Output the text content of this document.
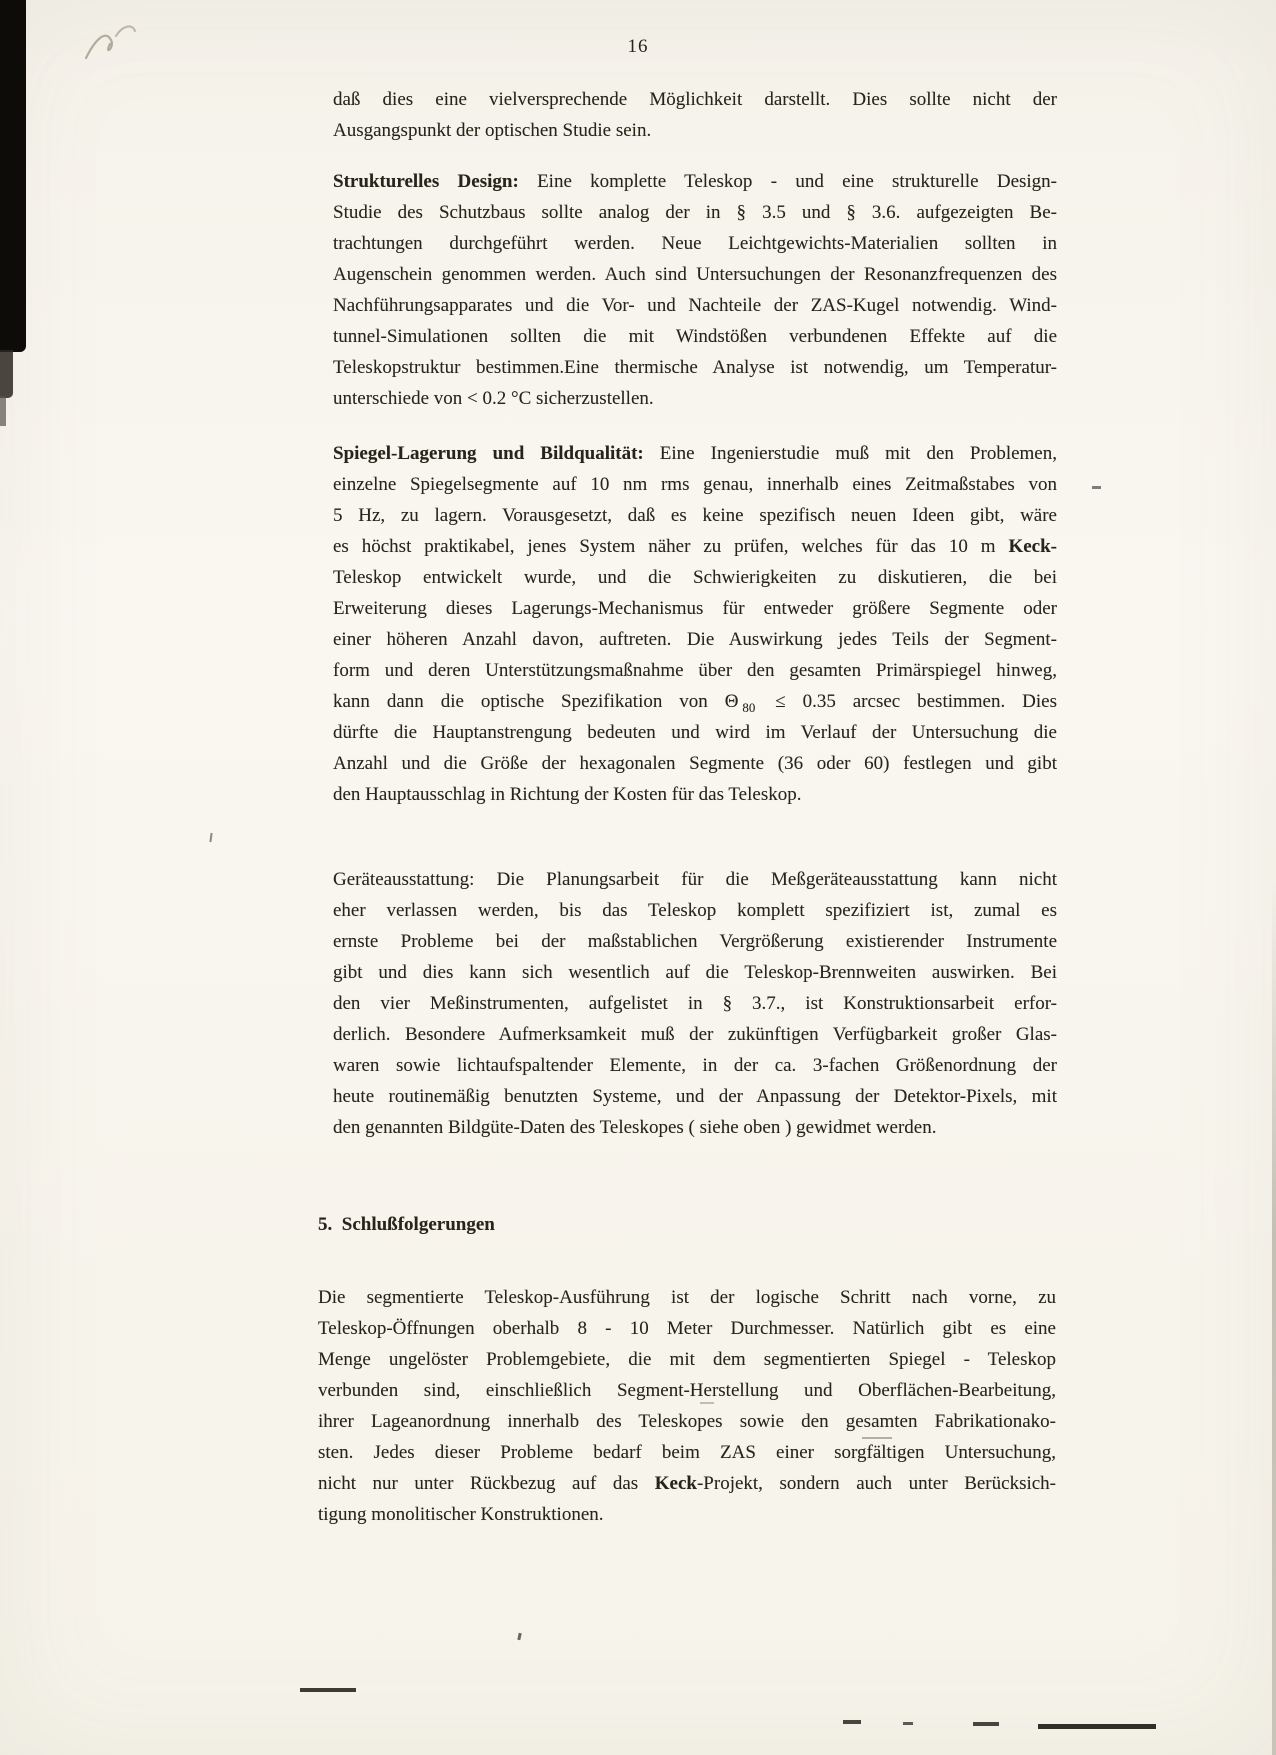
16
daß dies eine vielversprechende Möglichkeit darstellt. Dies sollte nicht der
Ausgangspunkt der optischen Studie sein.
Strukturelles Design: Eine komplette Teleskop - und eine strukturelle Design-
Studie des Schutzbaus sollte analog der in § 3.5 und § 3.6. aufgezeigten Be-
trachtungen durchgeführt werden. Neue Leichtgewichts-Materialien sollten in
Augenschein genommen werden. Auch sind Untersuchungen der Resonanzfrequenzen des
Nachführungsapparates und die Vor- und Nachteile der ZAS-Kugel notwendig. Wind-
tunnel-Simulationen sollten die mit Windstößen verbundenen Effekte auf die
Teleskopstruktur bestimmen.Eine thermische Analyse ist notwendig, um Temperatur-
unterschiede von < 0.2 °C sicherzustellen.
Spiegel-Lagerung und Bildqualität: Eine Ingenierstudie muß mit den Problemen,
einzelne Spiegelsegmente auf 10 nm rms genau, innerhalb eines Zeitmaßstabes von
5 Hz, zu lagern. Vorausgesetzt, daß es keine spezifisch neuen Ideen gibt, wäre
es höchst praktikabel, jenes System näher zu prüfen, welches für das 10 m Keck-
Teleskop entwickelt wurde, und die Schwierigkeiten zu diskutieren, die bei
Erweiterung dieses Lagerungs-Mechanismus für entweder größere Segmente oder
einer höheren Anzahl davon, auftreten. Die Auswirkung jedes Teils der Segment-
form und deren Unterstützungsmaßnahme über den gesamten Primärspiegel hinweg,
kann dann die optische Spezifikation von Θ $_{80}$ ≤ 0.35 arcsec bestimmen. Dies
dürfte die Hauptanstrengung bedeuten und wird im Verlauf der Untersuchung die
Anzahl und die Größe der hexagonalen Segmente (36 oder 60) festlegen und gibt
den Hauptausschlag in Richtung der Kosten für das Teleskop.
Geräteausstattung: Die Planungsarbeit für die Meßgeräteausstattung kann nicht
eher verlassen werden, bis das Teleskop komplett spezifiziert ist, zumal es
ernste Probleme bei der maßstablichen Vergrößerung existierender Instrumente
gibt und dies kann sich wesentlich auf die Teleskop-Brennweiten auswirken. Bei
den vier Meßinstrumenten, aufgelistet in § 3.7., ist Konstruktionsarbeit erfor-
derlich. Besondere Aufmerksamkeit muß der zukünftigen Verfügbarkeit großer Glas-
waren sowie lichtaufspaltender Elemente, in der ca. 3-fachen Größenordnung der
heute routinemäßig benutzten Systeme, und der Anpassung der Detektor-Pixels, mit
den genannten Bildgüte-Daten des Teleskopes ( siehe oben ) gewidmet werden.
5. Schlußfolgerungen
Die segmentierte Teleskop-Ausführung ist der logische Schritt nach vorne, zu
Teleskop-Öffnungen oberhalb 8 - 10 Meter Durchmesser. Natürlich gibt es eine
Menge ungelöster Problemgebiete, die mit dem segmentierten Spiegel - Teleskop
verbunden sind, einschließlich Segment-Herstellung und Oberflächen-Bearbeitung,
ihrer Lageanordnung innerhalb des Teleskopes sowie den gesamten Fabrikationako-
sten. Jedes dieser Probleme bedarf beim ZAS einer sorgfältigen Untersuchung,
nicht nur unter Rückbezug auf das Keck-Projekt, sondern auch unter Berücksich-
tigung monolitischer Konstruktionen.
